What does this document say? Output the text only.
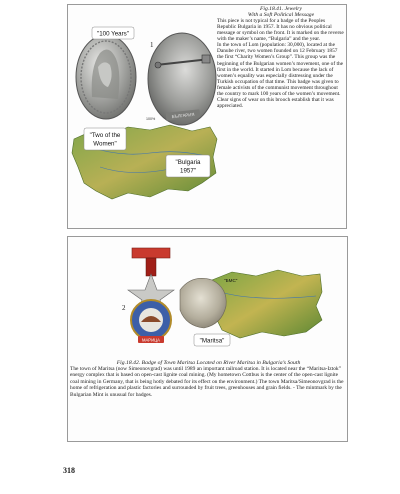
БЪЛГАРИЯ
"100 Years"
1
100%
"Two of the
Women"
"Bulgaria
1957"
Fig.18.41. Jewelry
With a Soft Political Message

This piece is not typical for a badge of the Peoples Republic Bulgaria in 1957. It has no obvious political message or symbol on the front. It is marked on the reverse with the maker’s name, “Bulgaria” and the year.
In the town of Lom (population: 30,000), located at the Danube river, two women founded on 12 February 1857 the first “Charity Women’s Group”. This group was the beginning of the Bulgarian women’s movement, one of the first in the world. It started in Lom because the lack of women’s equality was especially distressing under the Turkish occupation of that time. This badge was given to female activists of the communist movement throughout the country to mark 100 years of the women’s movement. Clear signs of wear on this brooch establish that it was appreciated.

МАРИЦА
2
"БМС"
"Maritsa"
Fig.18.42. Badge of Town Maritsa Located on River Maritsa in Bulgaria’s South

The town of Maritsa (now Simeonovgrad) was until 1989 an important railroad station. It is located near the “Maritsa-Iztok” energy complex that is based on open-cast lignite coal mining. (My hometown Cottbus is the center of the open-cast lignite coal mining in Germany, that is being hotly debated for its effect on the environment.) The town Maritsa/Simeonovgrad is the home of refrigeration and plastic factories and surrounded by fruit trees, greenhouses and grain fields. - The mintmark by the Bulgarian Mint is unusual for badges.

318
